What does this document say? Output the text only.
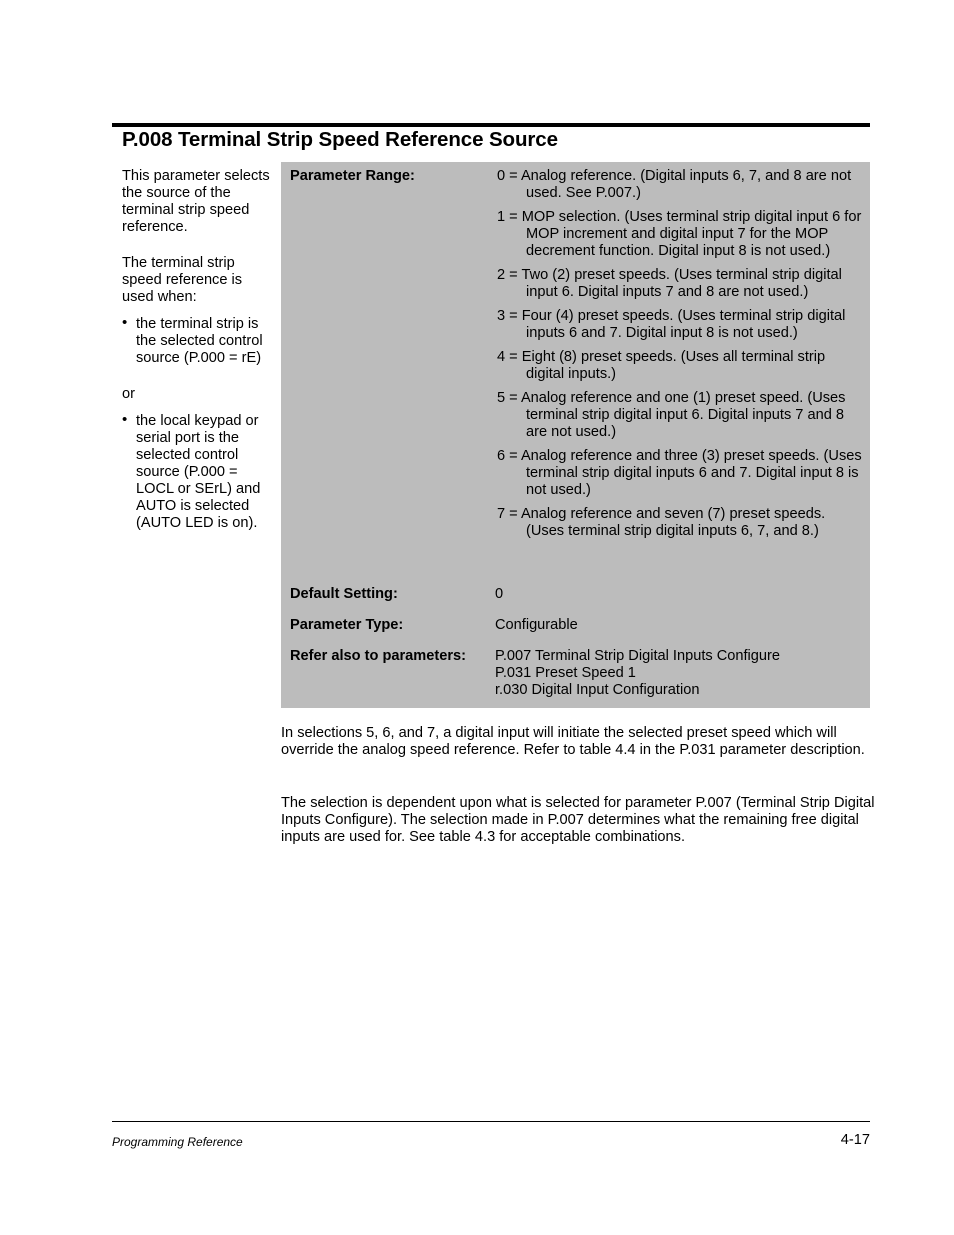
P.008 Terminal Strip Speed Reference Source

This parameter selects the source of the terminal strip speed reference.

The terminal strip speed reference is used when:

• the terminal strip is the selected control source (P.000 = rE)

or

• the local keypad or serial port is the selected control source (P.000 = LOCL or SErL) and AUTO is selected (AUTO LED is on).
Parameter Range:	0 = Analog reference. (Digital inputs 6, 7, and 8 are not used. See P.007.)
1 = MOP selection. (Uses terminal strip digital input 6 for MOP increment and digital input 7 for the MOP decrement function. Digital input 8 is not used.)
2 = Two (2) preset speeds. (Uses terminal strip digital input 6. Digital inputs 7 and 8 are not used.)
3 = Four (4) preset speeds. (Uses terminal strip digital inputs 6 and 7. Digital input 8 is not used.)
4 = Eight (8) preset speeds. (Uses all terminal strip digital inputs.)
5 = Analog reference and one (1) preset speed. (Uses terminal strip digital input 6. Digital inputs 7 and 8 are not used.)
6 = Analog reference and three (3) preset speeds. (Uses terminal strip digital inputs 6 and 7. Digital input 8 is not used.)
7 = Analog reference and seven (7) preset speeds. (Uses terminal strip digital inputs 6, 7, and 8.)
Default Setting:	0
Parameter Type:	Configurable
Refer also to parameters: P.007 Terminal Strip Digital Inputs Configure
P.031 Preset Speed 1
r.030 Digital Input Configuration

In selections 5, 6, and 7, a digital input will initiate the selected preset speed which will override the analog speed reference. Refer to table 4.4 in the P.031 parameter description.

The selection is dependent upon what is selected for parameter P.007 (Terminal Strip Digital Inputs Configure). The selection made in P.007 determines what the remaining free digital inputs are used for. See table 4.3 for acceptable combinations.

Programming Reference	4-17
